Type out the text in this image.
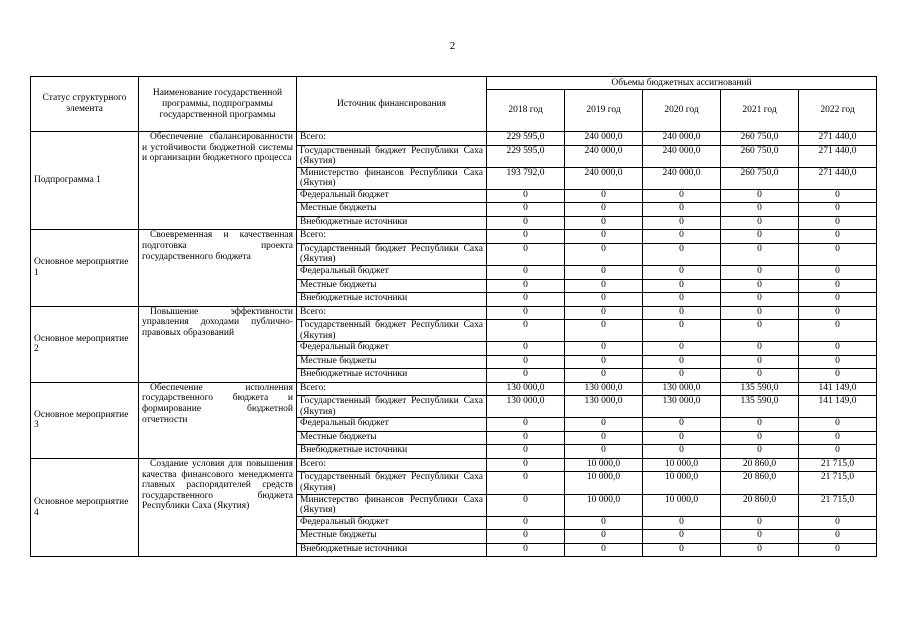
2
Статус структурного элемента	Наименование государственной программы, подпрограммы государственной программы	Источник финансирования	Объемы бюджетных ассигнований				
			2018 год	2019 год	2020 год	2021 год	2022 год
Подпрограмма 1	Обеспечение сбалансированности и устойчивости бюджетной системы и организации бюджетного процесса	Всего:	229 595,0	240 000,0	240 000,0	260 750,0	271 440,0
		Государственный бюджет Республики Саха (Якутия)	229 595,0	240 000,0	240 000,0	260 750,0	271 440,0
		Министерство финансов Республики Саха (Якутия)	193 792,0	240 000,0	240 000,0	260 750,0	271 440,0
		Федеральный бюджет	0	0	0	0	0
		Местные бюджеты	0	0	0	0	0
		Внебюджетные источники	0	0	0	0	0
Основное мероприятие 1	Своевременная и качественная подготовка проекта государственного бюджета	Всего:	0	0	0	0	0
		Государственный бюджет Республики Саха (Якутия)	0	0	0	0	0
		Федеральный бюджет	0	0	0	0	0
		Местные бюджеты	0	0	0	0	0
		Внебюджетные источники	0	0	0	0	0
Основное мероприятие 2	Повышение эффективности управления доходами публично-правовых образований	Всего:	0	0	0	0	0
		Государственный бюджет Республики Саха (Якутия)	0	0	0	0	0
		Федеральный бюджет	0	0	0	0	0
		Местные бюджеты	0	0	0	0	0
		Внебюджетные источники	0	0	0	0	0
Основное мероприятие 3	Обеспечение исполнения государственного бюджета и формирование бюджетной отчетности	Всего:	130 000,0	130 000,0	130 000,0	135 590,0	141 149,0
		Государственный бюджет Республики Саха (Якутия)	130 000,0	130 000,0	130 000,0	135 590,0	141 149,0
		Федеральный бюджет	0	0	0	0	0
		Местные бюджеты	0	0	0	0	0
		Внебюджетные источники	0	0	0	0	0
Основное мероприятие 4	Создание условия для повышения качества финансового менеджмента главных распорядителей средств государственного бюджета Республики Саха (Якутия)	Всего:	0	10 000,0	10 000,0	20 860,0	21 715,0
		Государственный бюджет Республики Саха (Якутия)	0	10 000,0	10 000,0	20 860,0	21 715,0
		Министерство финансов Республики Саха (Якутия)	0	10 000,0	10 000,0	20 860,0	21 715,0
		Федеральный бюджет	0	0	0	0	0
		Местные бюджеты	0	0	0	0	0
		Внебюджетные источники	0	0	0	0	0
